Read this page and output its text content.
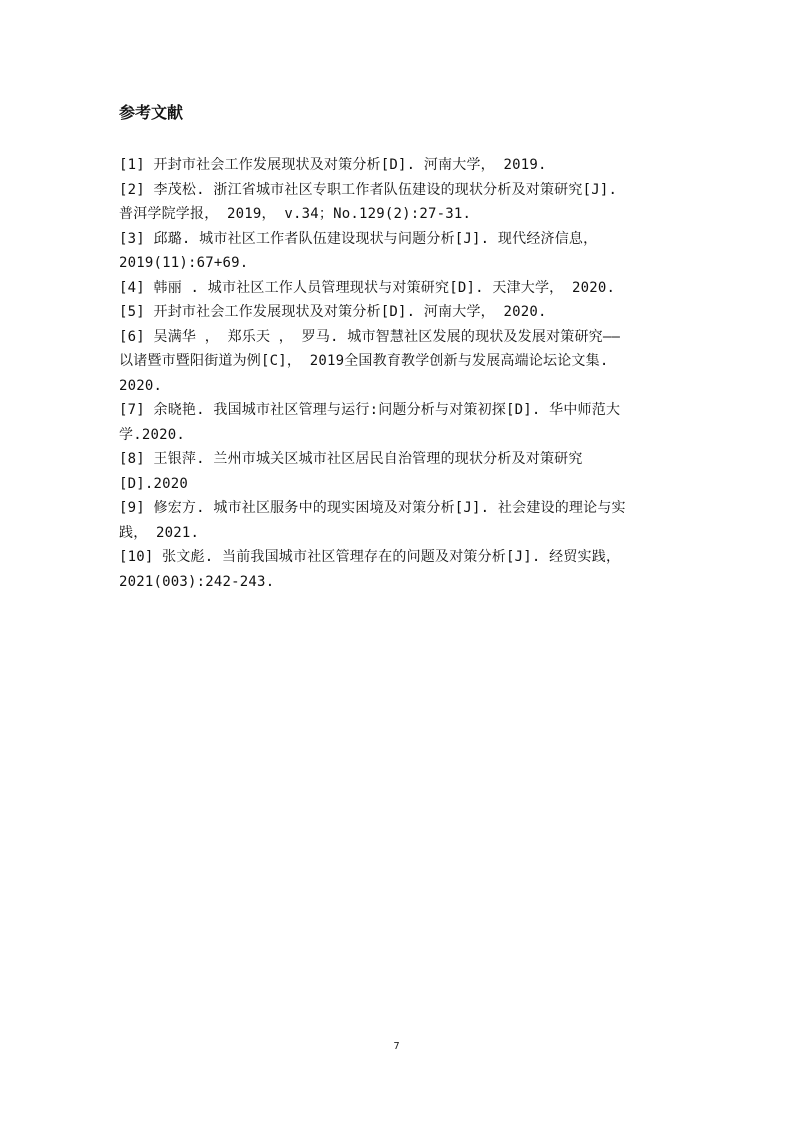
参考文献
[1] 开封市社会工作发展现状及对策分析[D]. 河南大学， 2019.
[2] 李茂松. 浙江省城市社区专职工作者队伍建设的现状分析及对策研究[J].
普洱学院学报， 2019， v.34；No.129(2):27-31.
[3] 邱璐. 城市社区工作者队伍建设现状与问题分析[J]. 现代经济信息，
2019(11):67+69.
[4] 韩丽 . 城市社区工作人员管理现状与对策研究[D]. 天津大学， 2020.
[5] 开封市社会工作发展现状及对策分析[D]. 河南大学， 2020.
[6] 吴满华 ， 郑乐天 ， 罗马. 城市智慧社区发展的现状及发展对策研究——
以诸暨市暨阳街道为例[C]， 2019全国教育教学创新与发展高端论坛论文集.
2020.
[7] 余晓艳. 我国城市社区管理与运行:问题分析与对策初探[D]. 华中师范大
学.2020.
[8] 王银萍. 兰州市城关区城市社区居民自治管理的现状分析及对策研究
[D].2020
[9] 修宏方. 城市社区服务中的现实困境及对策分析[J]. 社会建设的理论与实
践， 2021.
[10] 张文彪. 当前我国城市社区管理存在的问题及对策分析[J]. 经贸实践，
2021(003):242-243.
7
